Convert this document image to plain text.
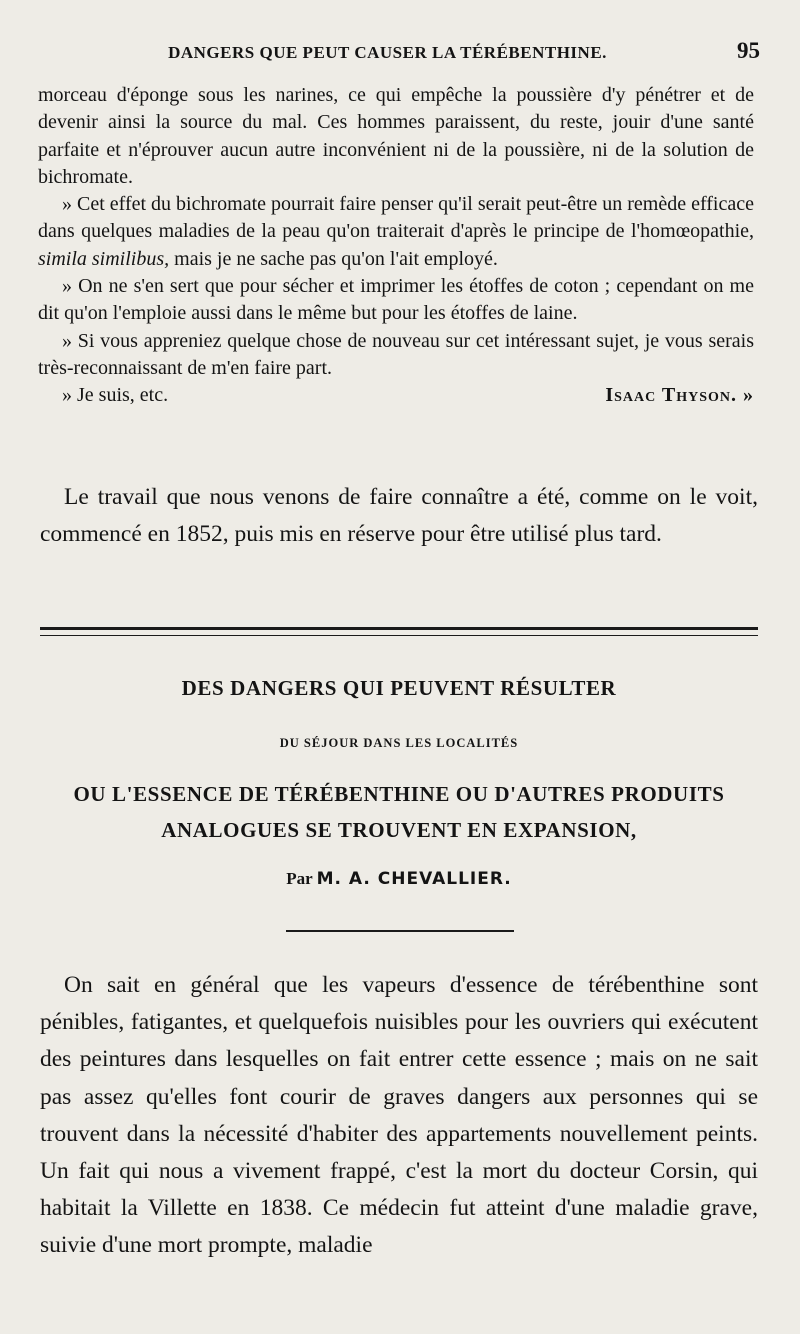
DANGERS QUE PEUT CAUSER LA TÉRÉBENTHINE.	95

morceau d'éponge sous les narines, ce qui empêche la poussière d'y pénétrer et de devenir ainsi la source du mal. Ces hommes paraissent, du reste, jouir d'une santé parfaite et n'éprouver aucun autre inconvénient ni de la poussière, ni de la solution de bichromate.

» Cet effet du bichromate pourrait faire penser qu'il serait peut-être un remède efficace dans quelques maladies de la peau qu'on traiterait d'après le principe de l'homœopathie, simila similibus, mais je ne sache pas qu'on l'ait employé.

» On ne s'en sert que pour sécher et imprimer les étoffes de coton ; cependant on me dit qu'on l'emploie aussi dans le même but pour les étoffes de laine.

» Si vous appreniez quelque chose de nouveau sur cet intéressant sujet, je vous serais très-reconnaissant de m'en faire part.

» Je suis, etc.	Isaac Thyson. »

Le travail que nous venons de faire connaître a été, comme on le voit, commencé en 1852, puis mis en réserve pour être utilisé plus tard.

DES DANGERS QUI PEUVENT RÉSULTER
DU SÉJOUR DANS LES LOCALITÉS
OU L'ESSENCE DE TÉRÉBENTHINE OU D'AUTRES PRODUITS ANALOGUES SE TROUVENT EN EXPANSION,
Par M. A. CHEVALLIER.

On sait en général que les vapeurs d'essence de térébenthine sont pénibles, fatigantes, et quelquefois nuisibles pour les ouvriers qui exécutent des peintures dans lesquelles on fait entrer cette essence ; mais on ne sait pas assez qu'elles font courir de graves dangers aux personnes qui se trouvent dans la nécessité d'habiter des appartements nouvellement peints. Un fait qui nous a vivement frappé, c'est la mort du docteur Corsin, qui habitait la Villette en 1838. Ce médecin fut atteint d'une maladie grave, suivie d'une mort prompte, maladie
